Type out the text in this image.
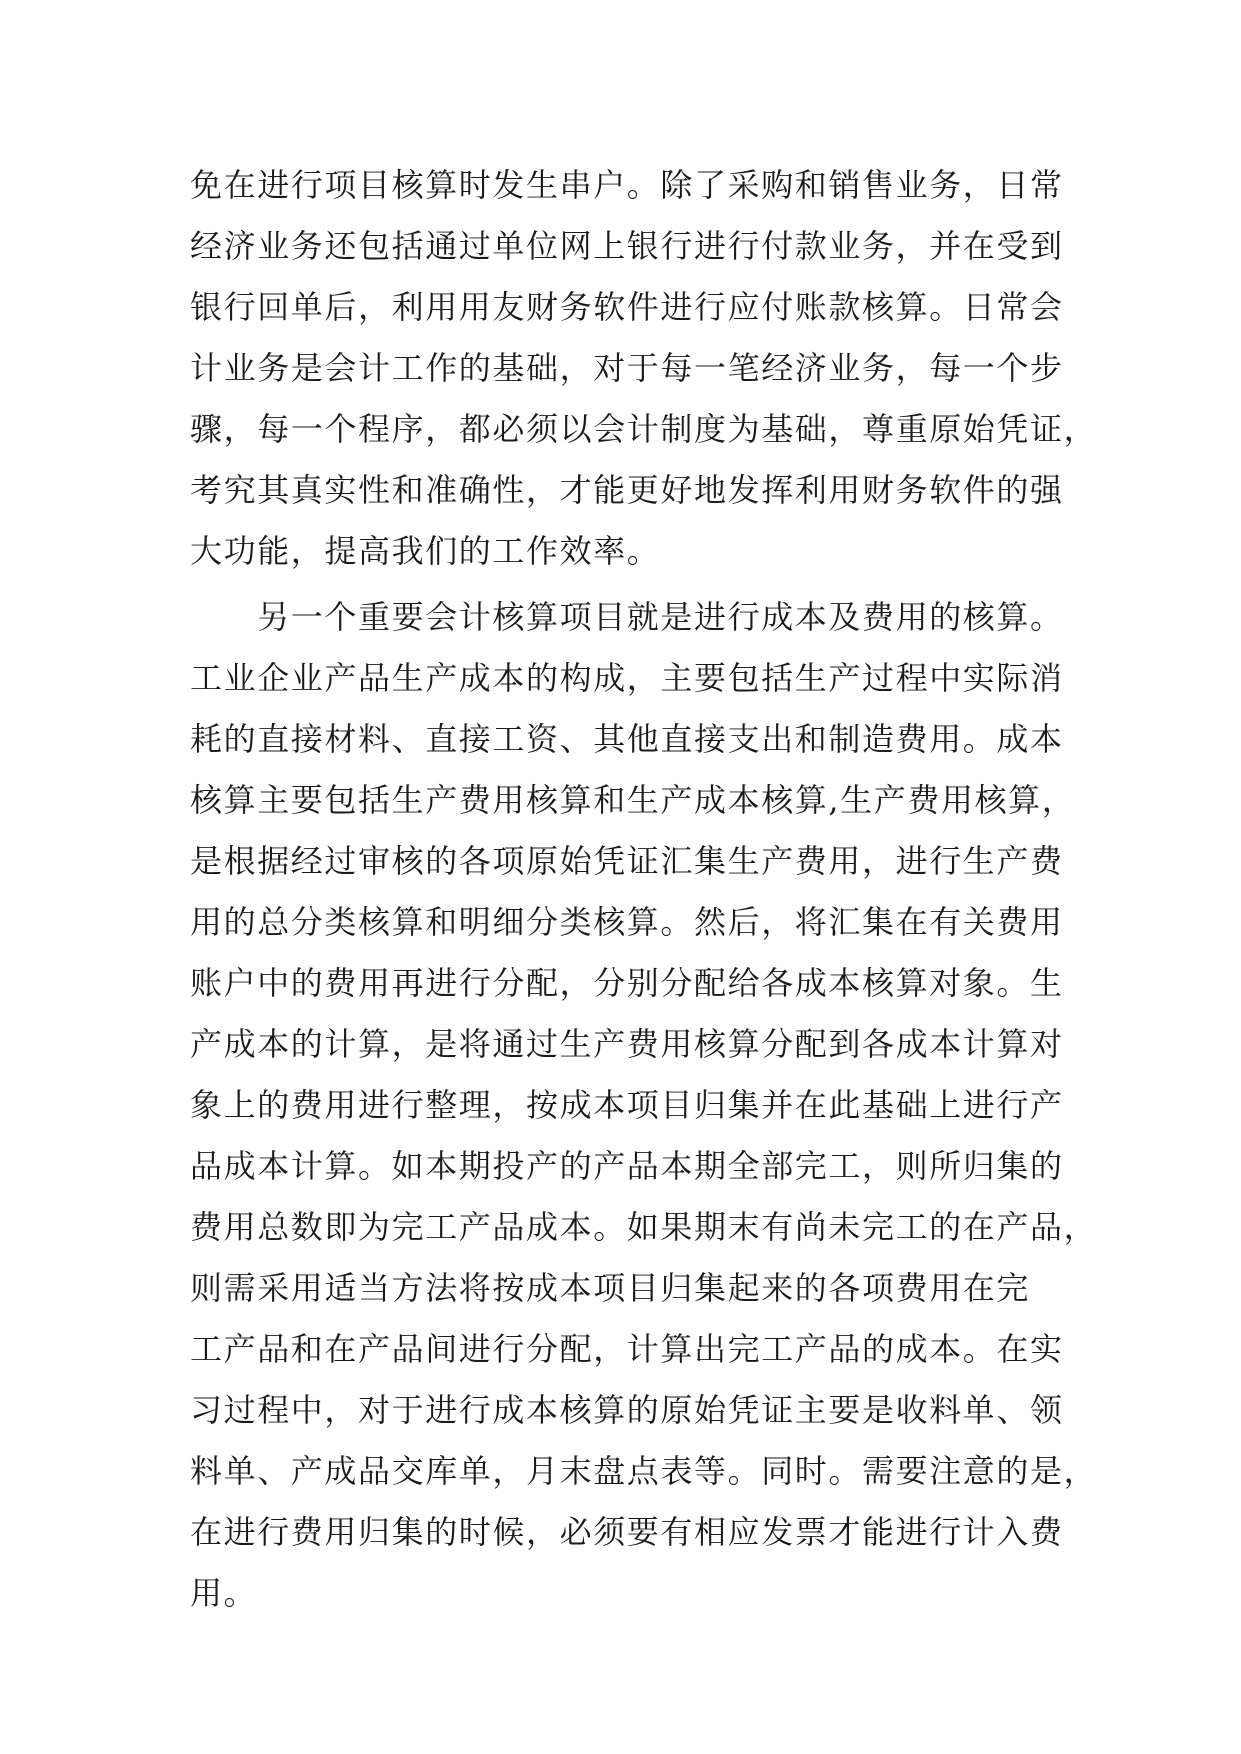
免在进行项目核算时发生串户。除了采购和销售业务，日常
经济业务还包括通过单位网上银行进行付款业务，并在受到
银行回单后，利用用友财务软件进行应付账款核算。日常会
计业务是会计工作的基础，对于每一笔经济业务，每一个步
骤，每一个程序，都必须以会计制度为基础，尊重原始凭证，
考究其真实性和准确性，才能更好地发挥利用财务软件的强
大功能，提高我们的工作效率。
　　另一个重要会计核算项目就是进行成本及费用的核算。
工业企业产品生产成本的构成，主要包括生产过程中实际消
耗的直接材料、直接工资、其他直接支出和制造费用。成本
核算主要包括生产费用核算和生产成本核算,生产费用核算，
是根据经过审核的各项原始凭证汇集生产费用，进行生产费
用的总分类核算和明细分类核算。然后，将汇集在有关费用
账户中的费用再进行分配，分别分配给各成本核算对象。生
产成本的计算，是将通过生产费用核算分配到各成本计算对
象上的费用进行整理，按成本项目归集并在此基础上进行产
品成本计算。如本期投产的产品本期全部完工，则所归集的
费用总数即为完工产品成本。如果期末有尚未完工的在产品，
则需采用适当方法将按成本项目归集起来的各项费用在完
工产品和在产品间进行分配，计算出完工产品的成本。在实
习过程中，对于进行成本核算的原始凭证主要是收料单、领
料单、产成品交库单，月末盘点表等。同时。需要注意的是，
在进行费用归集的时候，必须要有相应发票才能进行计入费
用。
